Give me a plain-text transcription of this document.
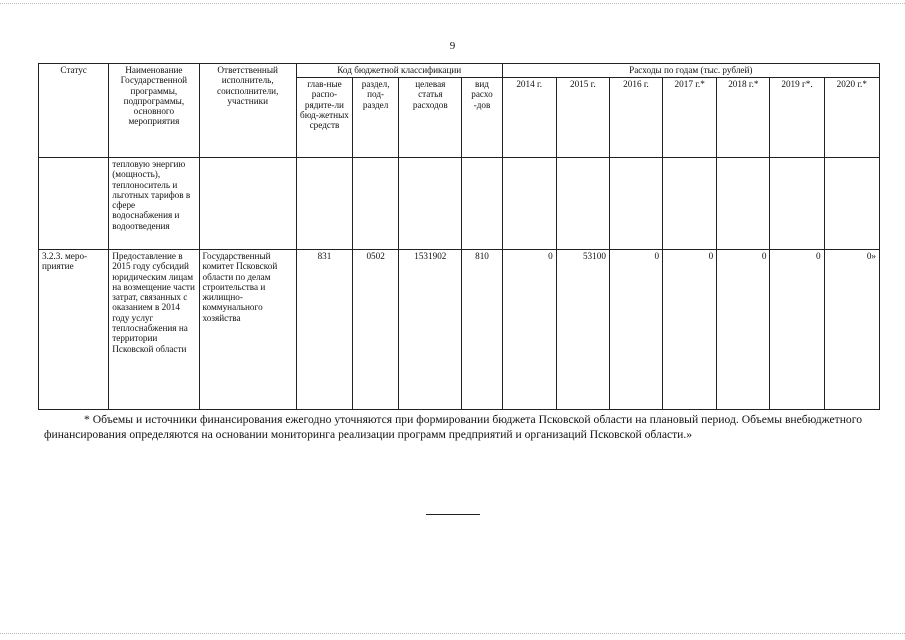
9
Статус	Наименование Государственной программы, подпрограммы, основного мероприятия	Ответственный исполнитель, соисполнители, участники	Код бюджетной классификации				Расходы по годам (тыс. рублей)						
			глав-ные распо-рядите-ли бюд-жетных средств	раздел, под-раздел	целевая статья расходов	вид расхо -дов	2014 г.	2015 г.	2016 г.	2017 г.*	2018 г.*	2019 г*.	2020 г.*
	тепловую энергию (мощность), теплоноситель и льготных тарифов в сфере водоснабжения и водоотведения												
3.2.3. меро-приятие	Предоставление в 2015 году субсидий юридическим лицам на возмещение части затрат, связанных с оказанием в 2014 году услуг теплоснабжения на территории Псковской области	Государственный комитет Псковской области по делам строительства и жилищно-коммунального хозяйства	831	0502	1531902	810	0	53100	0	0	0	0	0»

* Объемы и источники финансирования ежегодно уточняются при формировании бюджета Псковской области на плановый период. Объемы внебюджетного финансирования определяются на основании мониторинга реализации программ предприятий и организаций Псковской области.»
